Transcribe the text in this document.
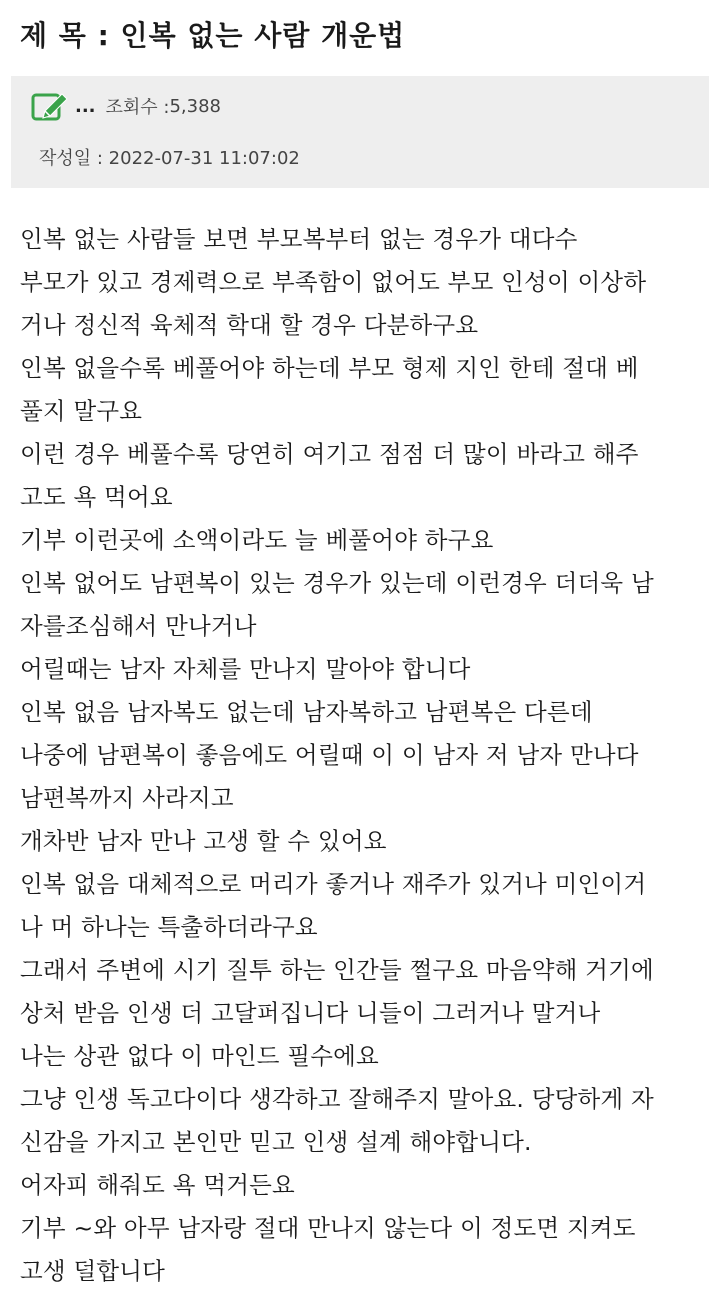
제 목 : 인복 없는 사람 개운법
... 조회수 : 5,388
작성일 : 2022-07-31 11:07:02
인복 없는 사람들 보면 부모복부터 없는 경우가 대다수
부모가 있고 경제력으로 부족함이 없어도 부모 인성이 이상하
거나 정신적 육체적 학대 할 경우 다분하구요
인복 없을수록 베풀어야 하는데 부모 형제 지인 한테 절대 베
풀지 말구요
이런 경우 베풀수록 당연히 여기고 점점 더 많이 바라고 해주
고도 욕 먹어요
기부 이런곳에 소액이라도 늘 베풀어야 하구요
인복 없어도 남편복이 있는 경우가 있는데 이런경우 더더욱 남
자를조심해서 만나거나
어릴때는 남자 자체를 만나지 말아야 합니다
인복 없음 남자복도 없는데 남자복하고 남편복은 다른데
나중에 남편복이 좋음에도 어릴때 이 이 남자 저 남자 만나다
남편복까지 사라지고
개차반 남자 만나 고생 할 수 있어요
인복 없음 대체적으로 머리가 좋거나 재주가 있거나 미인이거
나 머 하나는 특출하더라구요
그래서 주변에 시기 질투 하는 인간들 쩔구요 마음약해 거기에
상처 받음 인생 더 고달퍼집니다 니들이 그러거나 말거나
나는 상관 없다 이 마인드 필수에요
그냥 인생 독고다이다 생각하고 잘해주지 말아요. 당당하게 자
신감을 가지고 본인만 믿고 인생 설계 해야합니다.
어자피 해줘도 욕 먹거든요
기부 ~와 아무 남자랑 절대 만나지 않는다 이 정도면 지켜도
고생 덜합니다
